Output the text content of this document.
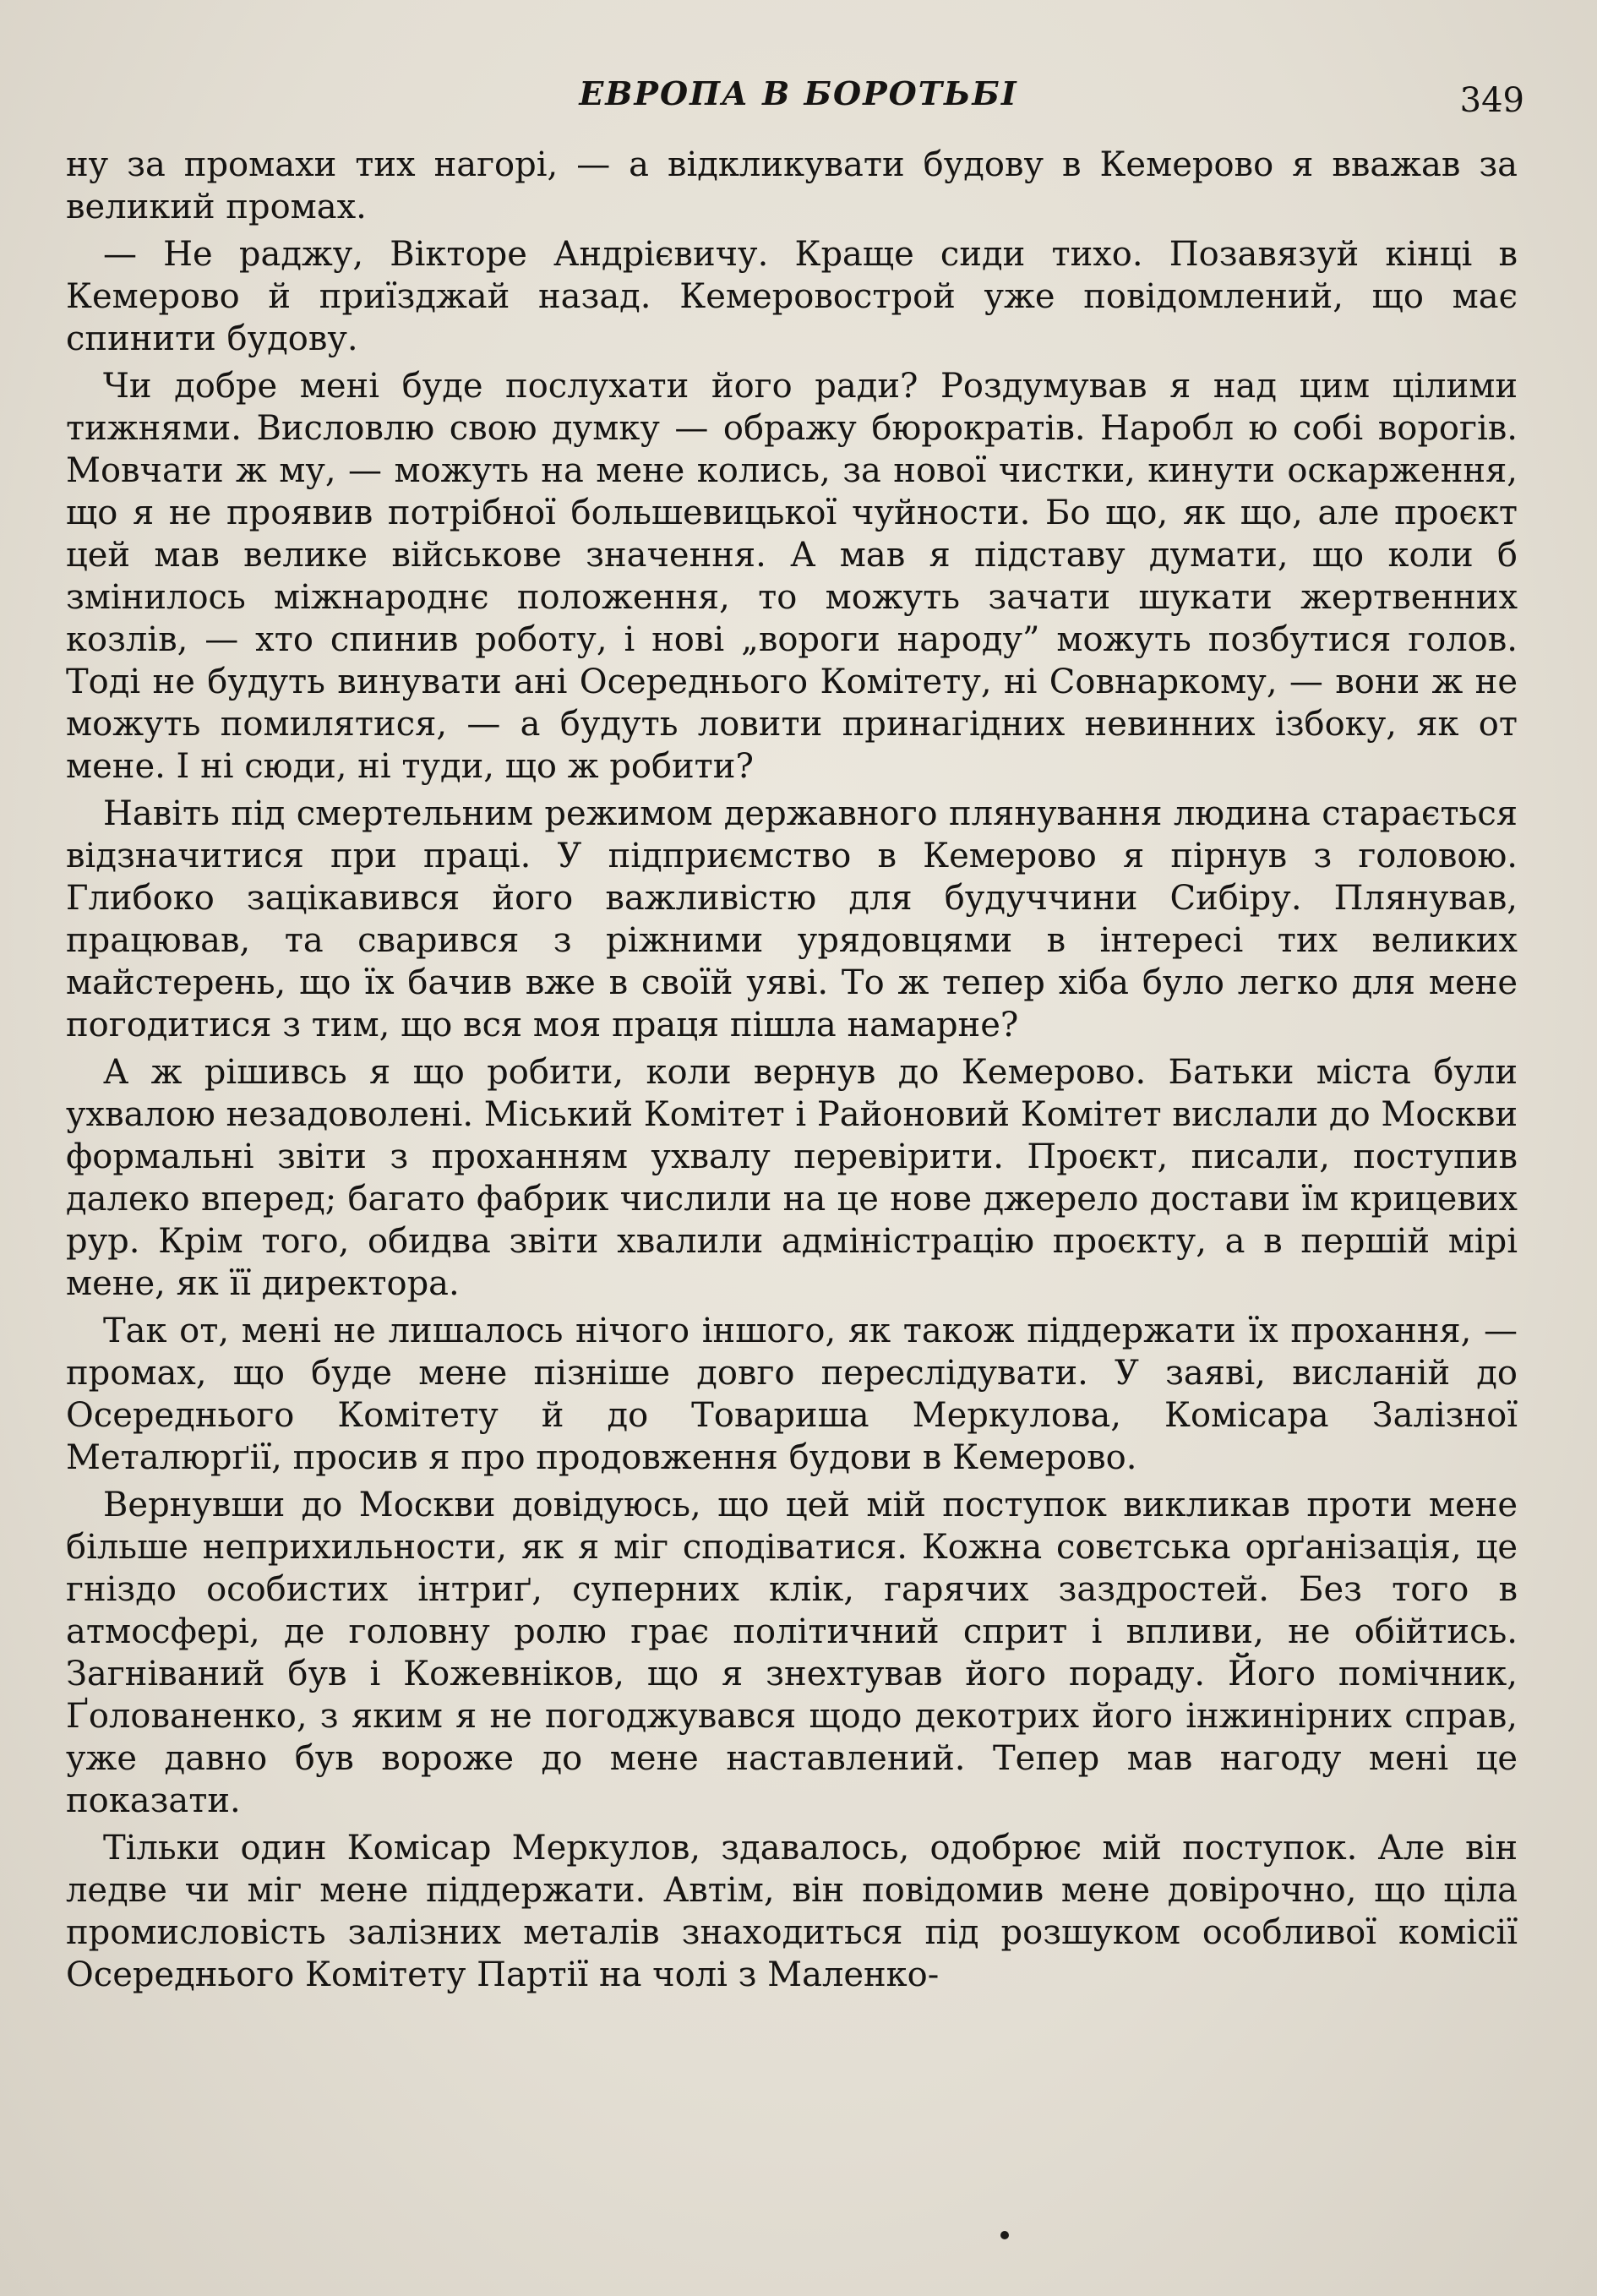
ЕВРОПА В БОРОТЬБІ	349

ну за промахи тих нагорі, — а відкликувати будову в Кемерово я вважав за великий промах.

— Не раджу, Вікторе Андрієвичу. Краще сиди тихо. Позавязуй кінці в Кемерово й приїзджай назад. Кемеровострой уже повідомлений, що має спинити будову.

Чи добре мені буде послухати його ради? Роздумував я над цим цілими тижнями. Висловлю свою думку — ображу бюрократів. Наробл ю собі ворогів. Мовчати ж му, — можуть на мене колись, за нової чистки, кинути оскарження, що я не проявив потрібної большевицької чуйности. Бо що, як що, але проєкт цей мав велике військове значення. А мав я підставу думати, що коли б змінилось міжнароднє положення, то можуть зачати шукати жертвенних козлів, — хто спинив роботу, і нові „вороги народу” можуть позбутися голов. Тоді не будуть винувати ані Осереднього Комітету, ні Совнаркому, — вони ж не можуть помилятися, — а будуть ловити принагідних невинних ізбоку, як от мене. І ні сюди, ні туди, що ж робити?

Навіть під смертельним режимом державного плянування людина старається відзначитися при праці. У підприємство в Кемерово я пірнув з головою. Глибоко зацікавився його важливістю для будуччини Сибіру. Плянував, працював, та сварився з ріжними урядовцями в інтересі тих великих майстерень, що їх бачив вже в своїй уяві. То ж тепер хіба було легко для мене погодитися з тим, що вся моя праця пішла намарне?

А ж рішивсь я що робити, коли вернув до Кемерово. Батьки міста були ухвалою незадоволені. Міський Комітет і Районовий Комітет вислали до Москви формальні звіти з проханням ухвалу перевірити. Проєкт, писали, поступив далеко вперед; багато фабрик числили на це нове джерело достави їм крицевих рур. Крім того, обидва звіти хвалили адміністрацію проєкту, а в першій мірі мене, як її директора.

Так от, мені не лишалось нічого іншого, як також піддержати їх прохання, — промах, що буде мене пізніше довго переслідувати. У заяві, висланій до Осереднього Комітету й до Товариша Меркулова, Комісара Залізної Металюрґії, просив я про продовження будови в Кемерово.

Вернувши до Москви довідуюсь, що цей мій поступок викликав проти мене більше неприхильности, як я міг сподіватися. Кожна совєтська орґанізація, це гніздо особистих інтриґ, суперних клік, гарячих заздростей. Без того в атмосфері, де головну ролю грає політичний сприт і впливи, не обійтись. Загніваний був і Кожевніков, що я знехтував його пораду. Його помічник, Ґолованенко, з яким я не погоджувався щодо декотрих його інжинірних справ, уже давно був вороже до мене наставлений. Тепер мав нагоду мені це показати.

Тільки один Комісар Меркулов, здавалось, одобрює мій поступок. Але він ледве чи міг мене піддержати. Автім, він повідомив мене довірочно, що ціла промисловість залізних металів знаходиться під розшуком особливої комісії Осереднього Комітету Партії на чолі з Маленко-
